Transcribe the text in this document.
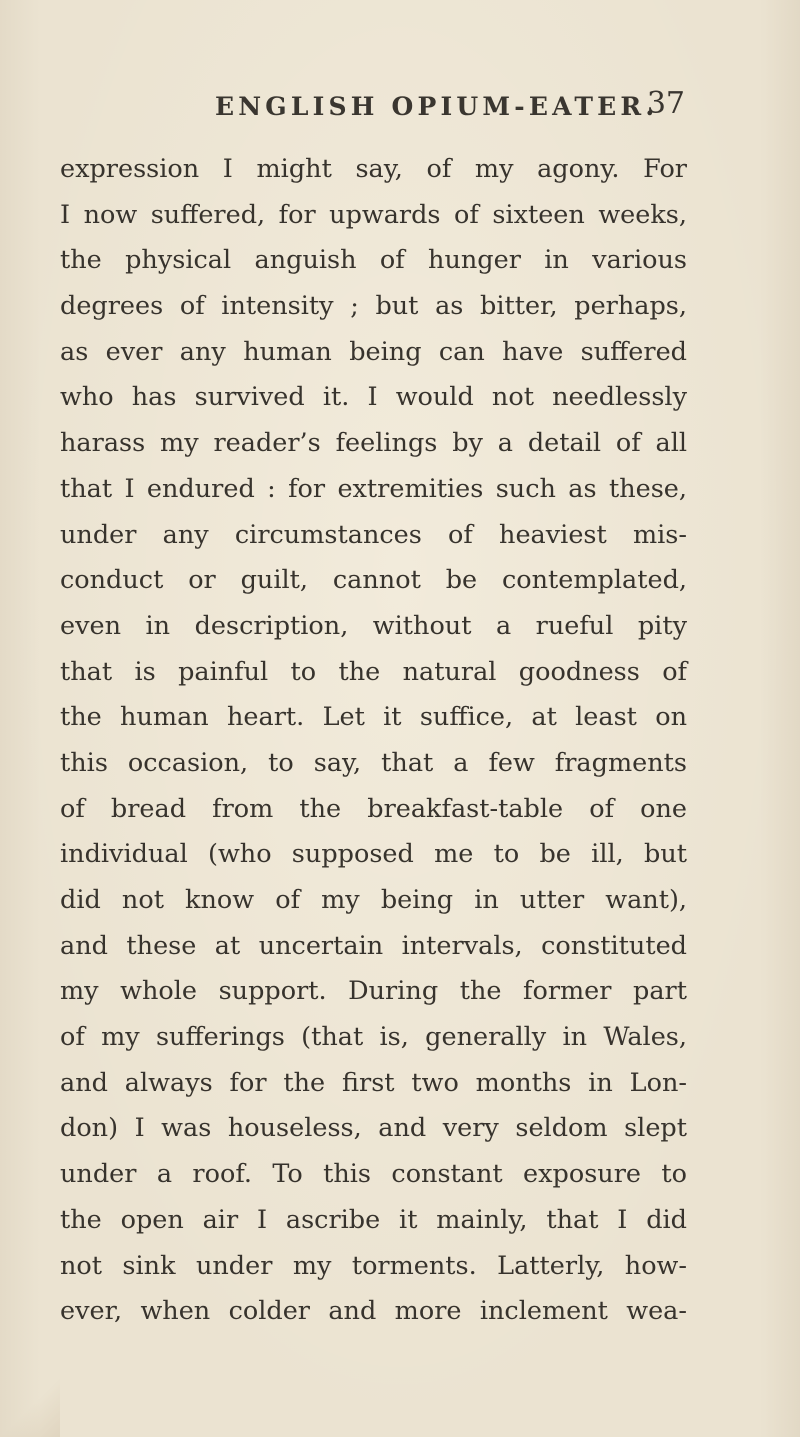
ENGLISH OPIUM-EATER.
37
expression I might say, of my agony. For
I now suffered, for upwards of sixteen weeks,
the physical anguish of hunger in various
degrees of intensity ; but as bitter, perhaps,
as ever any human being can have suffered
who has survived it. I would not needlessly
harass my reader’s feelings by a detail of all
that I endured : for extremities such as these,
under any circumstances of heaviest mis-
conduct or guilt, cannot be contemplated,
even in description, without a rueful pity
that is painful to the natural goodness of
the human heart. Let it suffice, at least on
this occasion, to say, that a few fragments
of bread from the breakfast-table of one
individual (who supposed me to be ill, but
did not know of my being in utter want),
and these at uncertain intervals, constituted
my whole support. During the former part
of my sufferings (that is, generally in Wales,
and always for the first two months in Lon-
don) I was houseless, and very seldom slept
under a roof. To this constant exposure to
the open air I ascribe it mainly, that I did
not sink under my torments. Latterly, how-
ever, when colder and more inclement wea-
